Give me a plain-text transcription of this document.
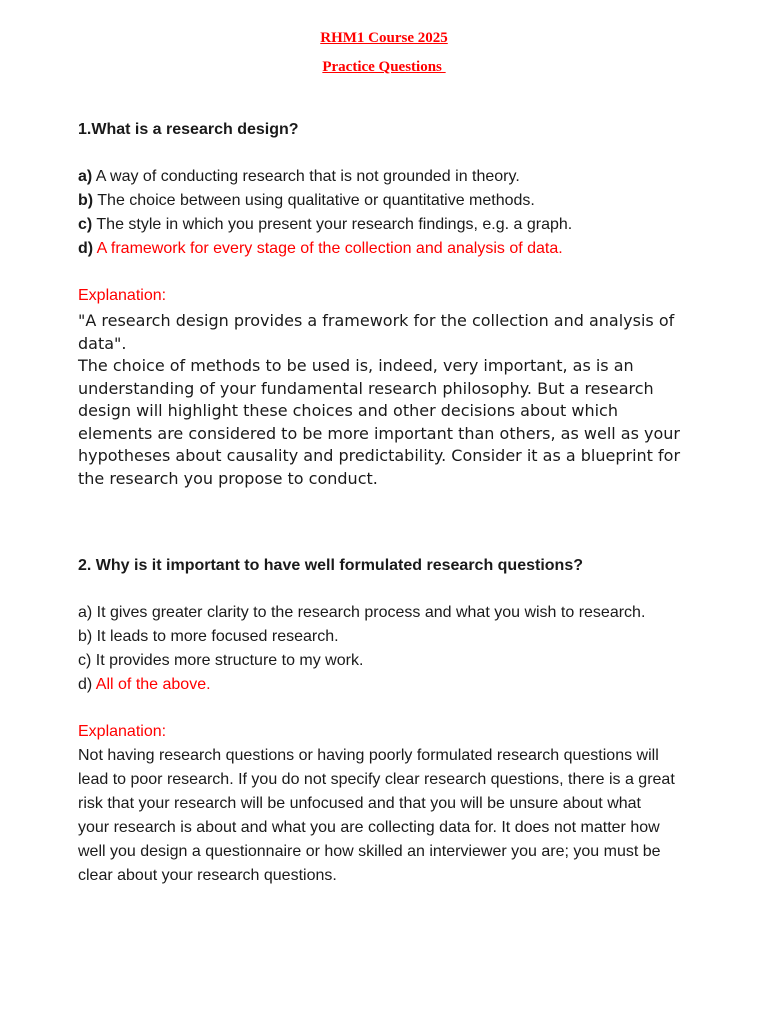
RHM1 Course 2025
Practice Questions
1.What is a research design?
a) A way of conducting research that is not grounded in theory.
b) The choice between using qualitative or quantitative methods.
c) The style in which you present your research findings, e.g. a graph.
d) A framework for every stage of the collection and analysis of data.
Explanation:
"A research design provides a framework for the collection and analysis of
data".
The choice of methods to be used is, indeed, very important, as is an
understanding of your fundamental research philosophy. But a research
design will highlight these choices and other decisions about which
elements are considered to be more important than others, as well as your
hypotheses about causality and predictability. Consider it as a blueprint for
the research you propose to conduct.
2. Why is it important to have well formulated research questions?
a) It gives greater clarity to the research process and what you wish to research.
b) It leads to more focused research.
c) It provides more structure to my work.
d) All of the above.
Explanation:
Not having research questions or having poorly formulated research questions will
lead to poor research. If you do not specify clear research questions, there is a great
risk that your research will be unfocused and that you will be unsure about what
your research is about and what you are collecting data for. It does not matter how
well you design a questionnaire or how skilled an interviewer you are; you must be
clear about your research questions.
